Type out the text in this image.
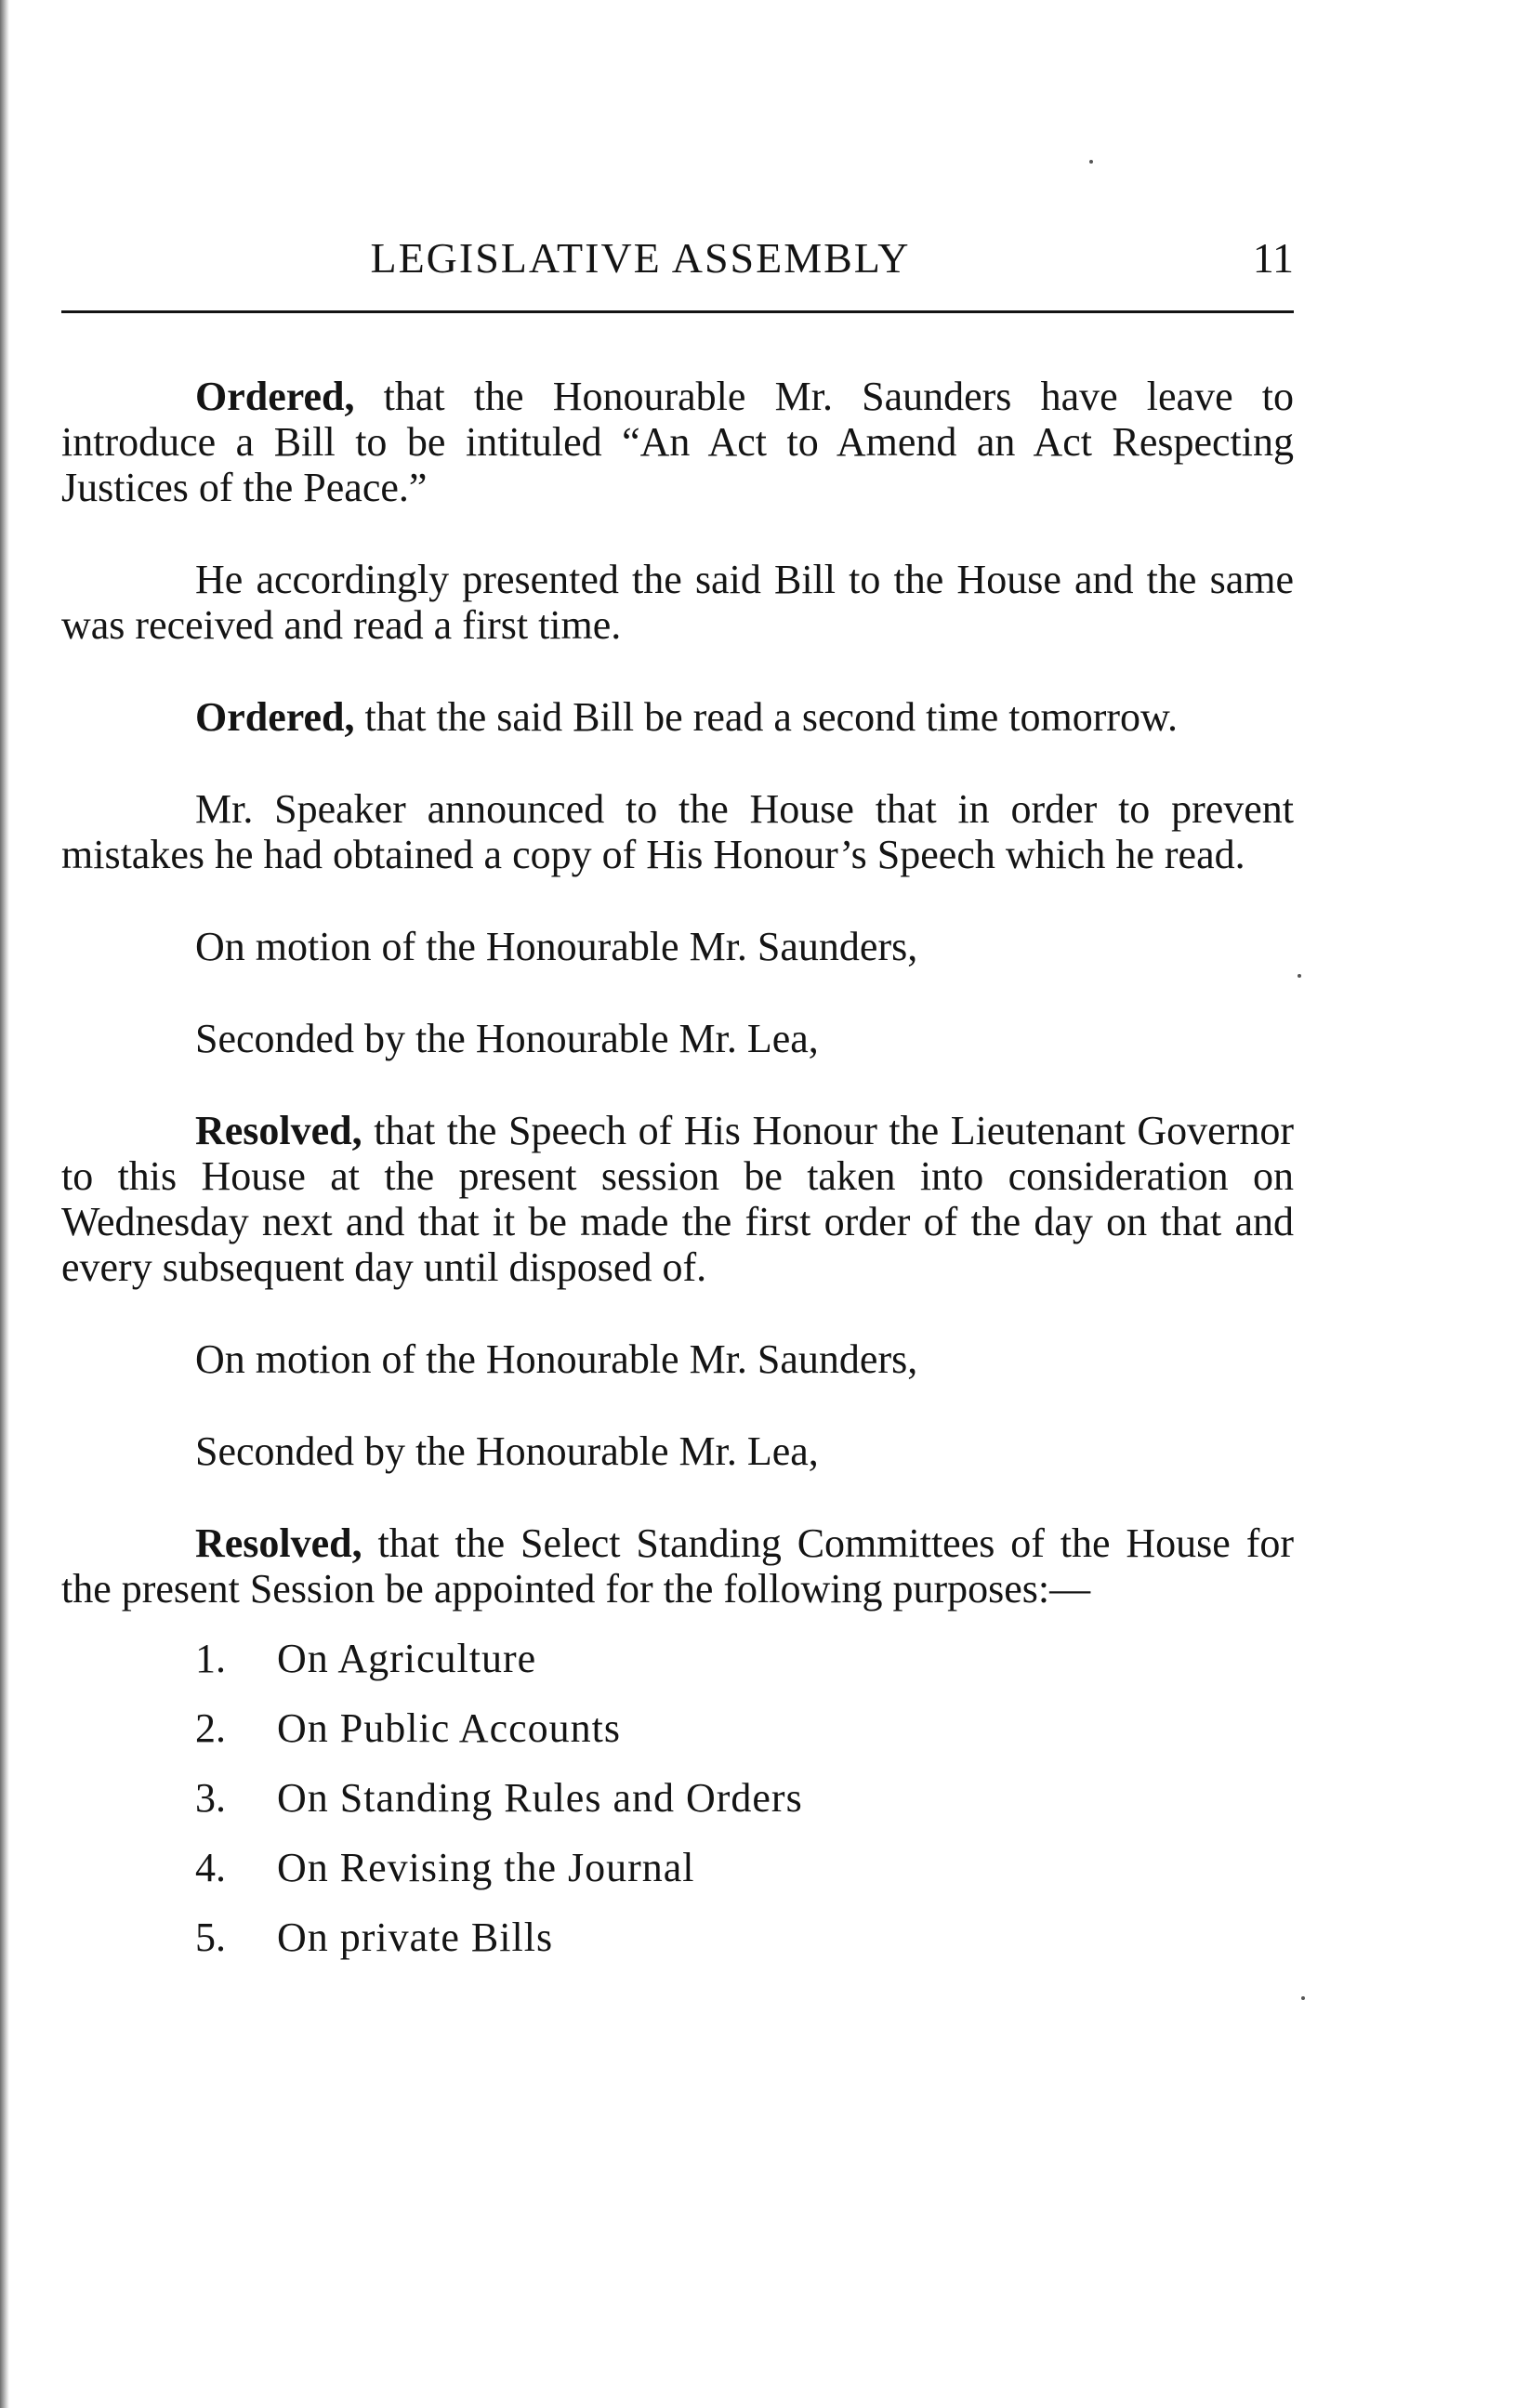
LEGISLATIVE ASSEMBLY	11

Ordered, that the Honourable Mr. Saunders have leave to introduce a Bill to be intituled “An Act to Amend an Act Respecting Justices of the Peace.”

He accordingly presented the said Bill to the House and the same was received and read a first time.

Ordered, that the said Bill be read a second time tomorrow.

Mr. Speaker announced to the House that in order to prevent mistakes he had obtained a copy of His Honour’s Speech which he read.

On motion of the Honourable Mr. Saunders,

Seconded by the Honourable Mr. Lea,

Resolved, that the Speech of His Honour the Lieutenant Governor to this House at the present session be taken into consideration on Wednesday next and that it be made the first order of the day on that and every subsequent day until disposed of.

On motion of the Honourable Mr. Saunders,

Seconded by the Honourable Mr. Lea,

Resolved, that the Select Standing Committees of the House for the present Session be appointed for the following purposes:—

1.	On Agriculture
2.	On Public Accounts
3.	On Standing Rules and Orders
4.	On Revising the Journal
5.	On private Bills
